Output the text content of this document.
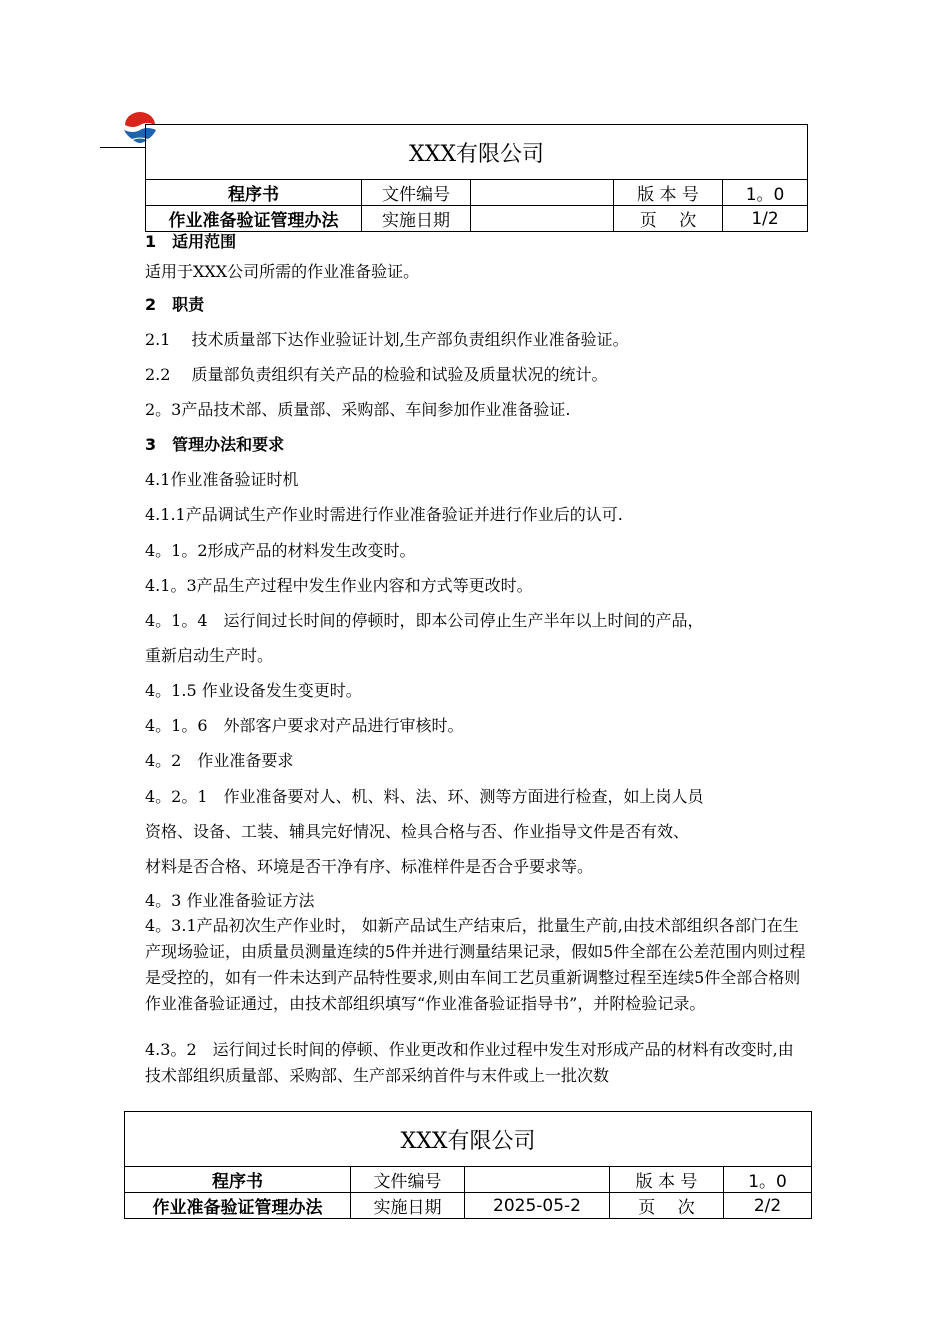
XXX有限公司				
程序书	文件编号		版 本 号	1。0
作业准备验证管理办法	实施日期		页　 次	1/2
1　适用范围
适用于XXX公司所需的作业准备验证。
2　职责
2.1　 技术质量部下达作业验证计划,生产部负责组织作业准备验证。
2.2　 质量部负责组织有关产品的检验和试验及质量状况的统计。
2。3产品技术部、质量部、采购部、车间参加作业准备验证.
3　管理办法和要求
4.1作业准备验证时机
4.1.1产品调试生产作业时需进行作业准备验证并进行作业后的认可.
4。1。2形成产品的材料发生改变时。
4.1。3产品生产过程中发生作业内容和方式等更改时。
4。1。4　运行间过长时间的停顿时，即本公司停止生产半年以上时间的产品，
重新启动生产时。
4。1.5 作业设备发生变更时。
4。1。6　外部客户要求对产品进行审核时。
4。2　作业准备要求
4。2。1　作业准备要对人、机、料、法、环、测等方面进行检查，如上岗人员
资格、设备、工装、辅具完好情况、检具合格与否、作业指导文件是否有效、
材料是否合格、环境是否干净有序、标准样件是否合乎要求等。
4。3 作业准备验证方法
4。3.1产品初次生产作业时， 如新产品试生产结束后，批量生产前,由技术部组织各部门在生产现场验证，由质量员测量连续的5件并进行测量结果记录，假如5件全部在公差范围内则过程是受控的，如有一件未达到产品特性要求,则由车间工艺员重新调整过程至连续5件全部合格则作业准备验证通过，由技术部组织填写“作业准备验证指导书”，并附检验记录。
4.3。2　运行间过长时间的停顿、作业更改和作业过程中发生对形成产品的材料有改变时,由技术部组织质量部、采购部、生产部采纳首件与末件或上一批次数
XXX有限公司				
程序书	文件编号		版 本 号	1。0
作业准备验证管理办法	实施日期	2025-05-2	页　 次	2/2
